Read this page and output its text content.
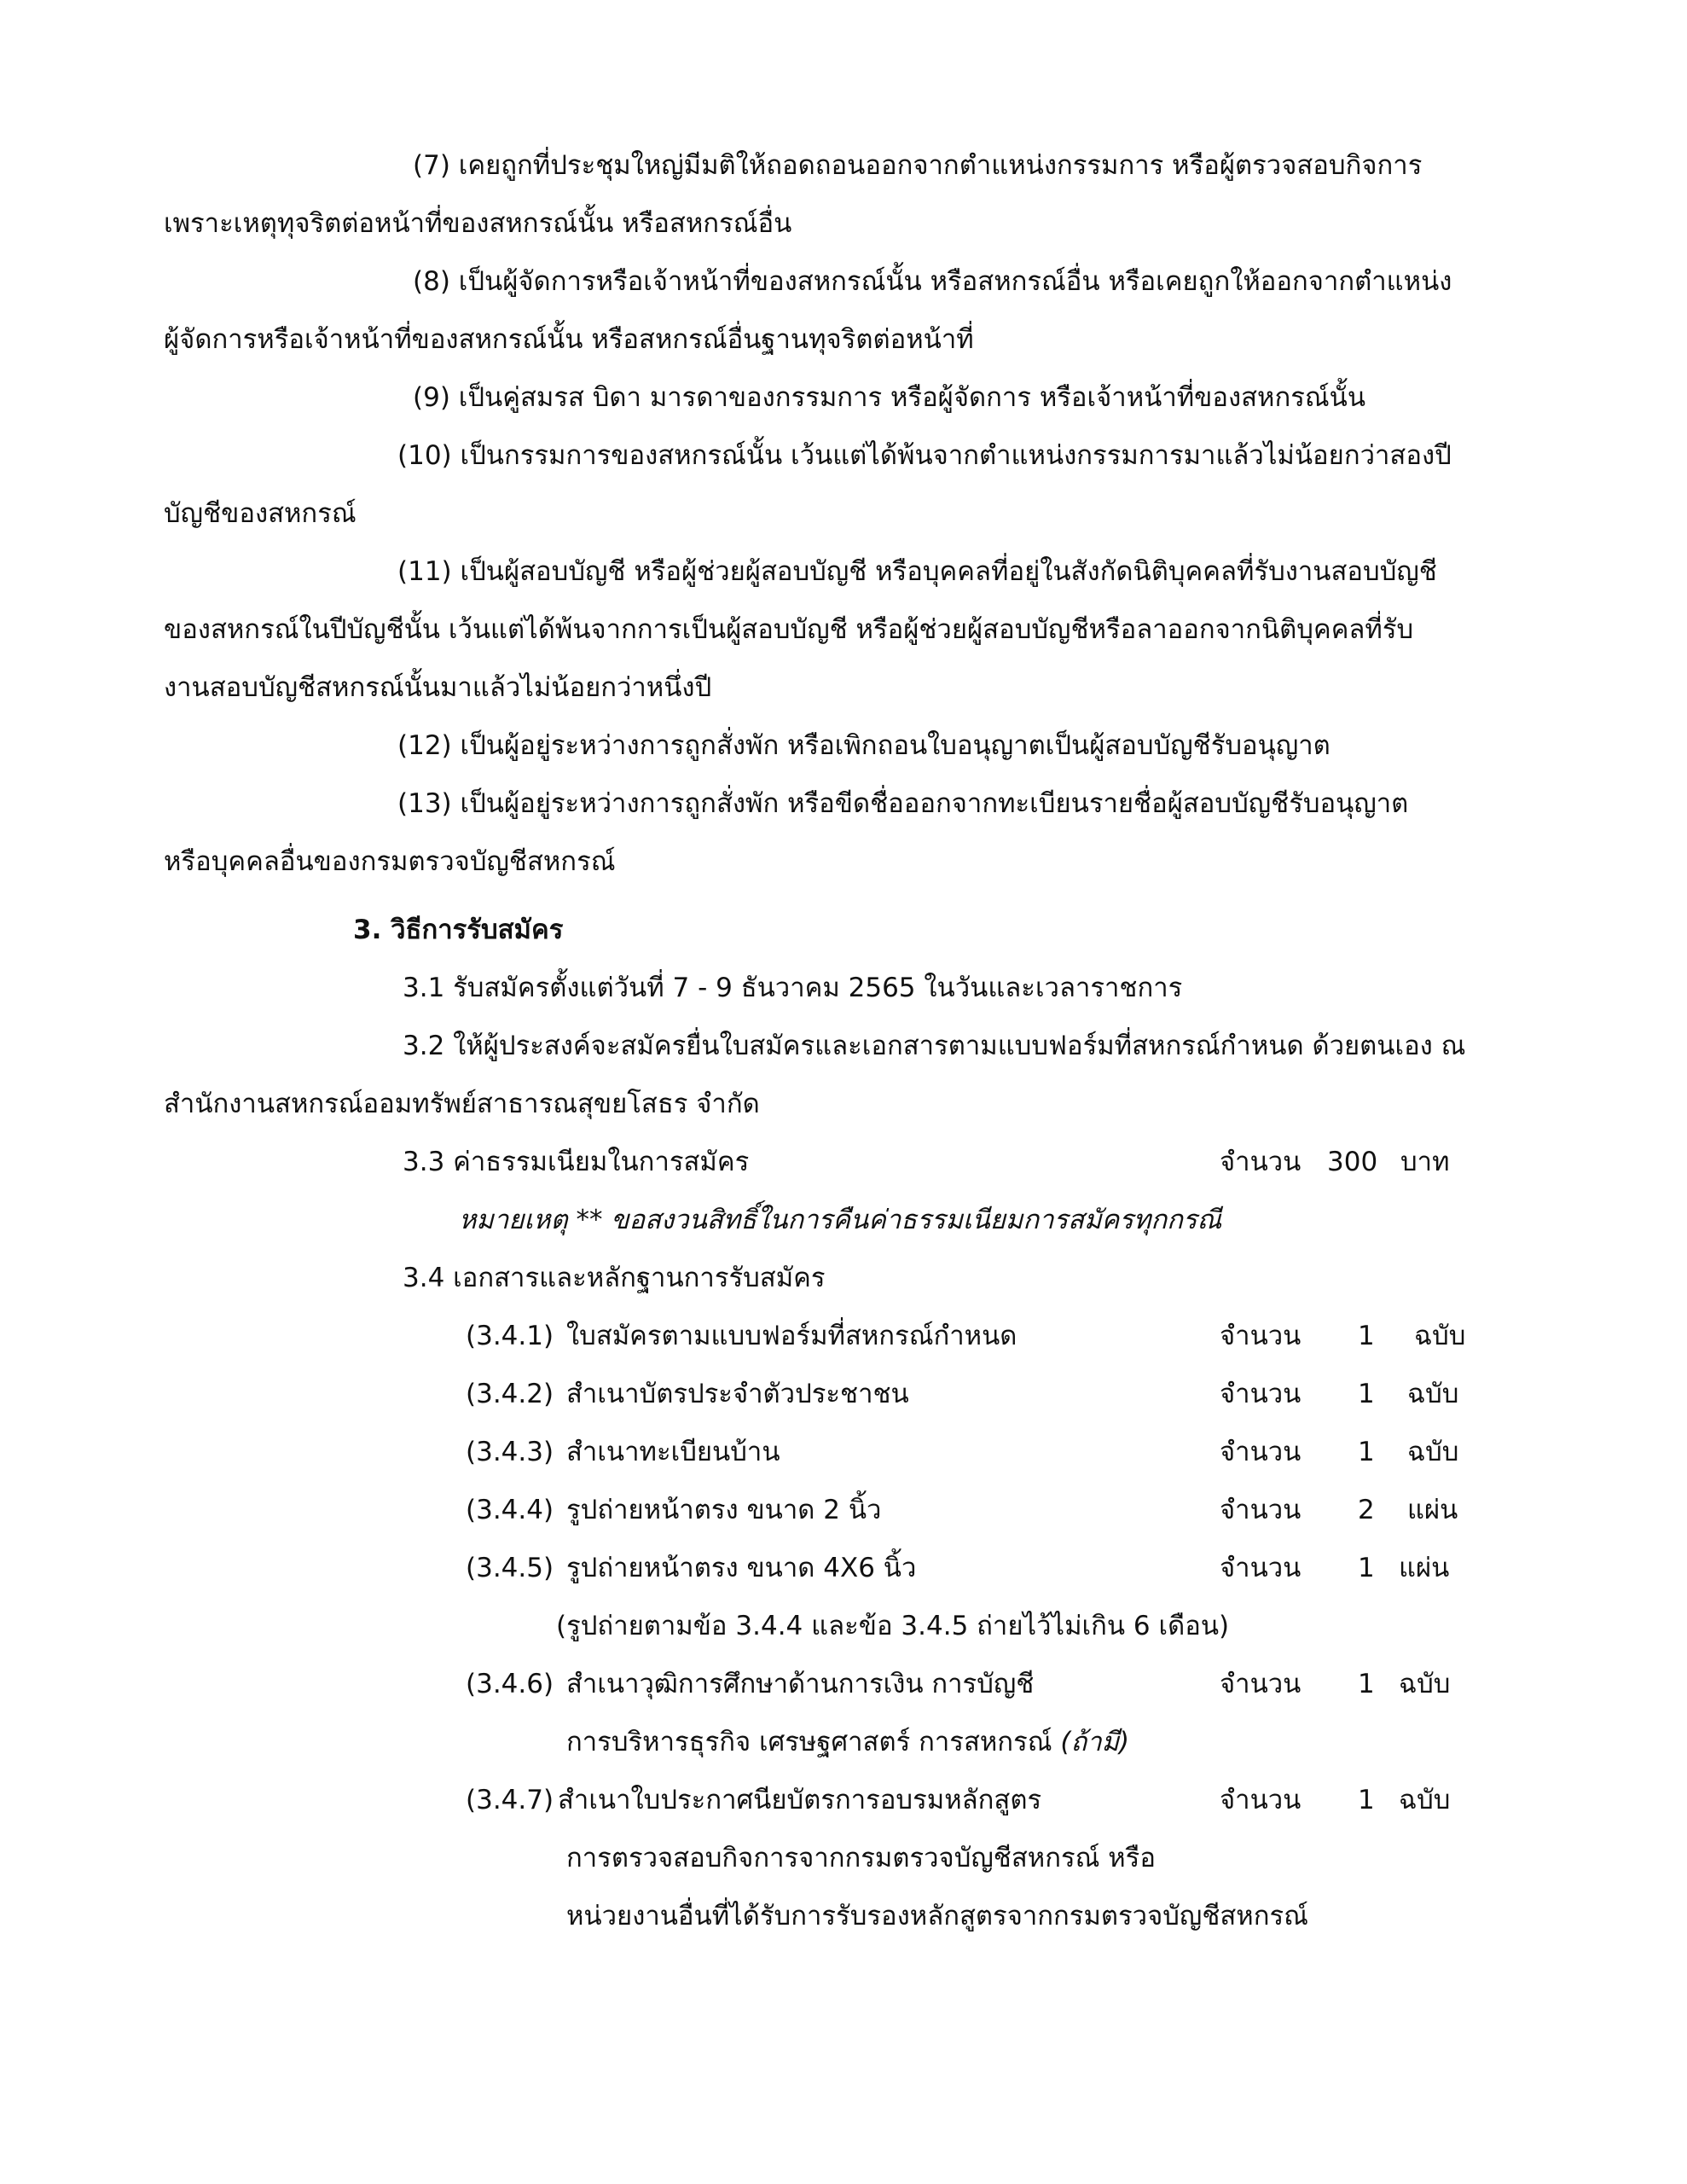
(7) เคยถูกที่ประชุมใหญ่มีมติให้ถอดถอนออกจากตำแหน่งกรรมการ หรือผู้ตรวจสอบกิจการ
เพราะเหตุทุจริตต่อหน้าที่ของสหกรณ์นั้น หรือสหกรณ์อื่น
(8) เป็นผู้จัดการหรือเจ้าหน้าที่ของสหกรณ์นั้น หรือสหกรณ์อื่น หรือเคยถูกให้ออกจากตำแหน่ง
ผู้จัดการหรือเจ้าหน้าที่ของสหกรณ์นั้น หรือสหกรณ์อื่นฐานทุจริตต่อหน้าที่
(9) เป็นคู่สมรส บิดา มารดาของกรรมการ หรือผู้จัดการ หรือเจ้าหน้าที่ของสหกรณ์นั้น
(10) เป็นกรรมการของสหกรณ์นั้น เว้นแต่ได้พ้นจากตำแหน่งกรรมการมาแล้วไม่น้อยกว่าสองปี
บัญชีของสหกรณ์
(11) เป็นผู้สอบบัญชี หรือผู้ช่วยผู้สอบบัญชี หรือบุคคลที่อยู่ในสังกัดนิติบุคคลที่รับงานสอบบัญชี
ของสหกรณ์ในปีบัญชีนั้น เว้นแต่ได้พ้นจากการเป็นผู้สอบบัญชี หรือผู้ช่วยผู้สอบบัญชีหรือลาออกจากนิติบุคคลที่รับ
งานสอบบัญชีสหกรณ์นั้นมาแล้วไม่น้อยกว่าหนึ่งปี
(12) เป็นผู้อยู่ระหว่างการถูกสั่งพัก หรือเพิกถอนใบอนุญาตเป็นผู้สอบบัญชีรับอนุญาต
(13) เป็นผู้อยู่ระหว่างการถูกสั่งพัก หรือขีดชื่อออกจากทะเบียนรายชื่อผู้สอบบัญชีรับอนุญาต
หรือบุคคลอื่นของกรมตรวจบัญชีสหกรณ์
3. วิธีการรับสมัคร
3.1 รับสมัครตั้งแต่วันที่ 7 - 9 ธันวาคม 2565 ในวันและเวลาราชการ
3.2 ให้ผู้ประสงค์จะสมัครยื่นใบสมัครและเอกสารตามแบบฟอร์มที่สหกรณ์กำหนด ด้วยตนเอง ณ
สำนักงานสหกรณ์ออมทรัพย์สาธารณสุขยโสธร จำกัด
3.3 ค่าธรรมเนียมในการสมัคร	จำนวน 300 บาท
หมายเหตุ ** ขอสงวนสิทธิ์ในการคืนค่าธรรมเนียมการสมัครทุกกรณี
3.4 เอกสารและหลักฐานการรับสมัคร
(3.4.1) ใบสมัครตามแบบฟอร์มที่สหกรณ์กำหนด	จำนวน 1 ฉบับ
(3.4.2) สำเนาบัตรประจำตัวประชาชน	จำนวน 1 ฉบับ
(3.4.3) สำเนาทะเบียนบ้าน	จำนวน 1 ฉบับ
(3.4.4) รูปถ่ายหน้าตรง ขนาด 2 นิ้ว	จำนวน 2 แผ่น
(3.4.5) รูปถ่ายหน้าตรง ขนาด 4X6 นิ้ว	จำนวน 1 แผ่น
(รูปถ่ายตามข้อ 3.4.4 และข้อ 3.4.5 ถ่ายไว้ไม่เกิน 6 เดือน)
(3.4.6) สำเนาวุฒิการศึกษาด้านการเงิน การบัญชี	จำนวน 1 ฉบับ
การบริหารธุรกิจ เศรษฐศาสตร์ การสหกรณ์ (ถ้ามี)
(3.4.7) สำเนาใบประกาศนียบัตรการอบรมหลักสูตร	จำนวน 1 ฉบับ
การตรวจสอบกิจการจากกรมตรวจบัญชีสหกรณ์ หรือ
หน่วยงานอื่นที่ได้รับการรับรองหลักสูตรจากกรมตรวจบัญชีสหกรณ์
